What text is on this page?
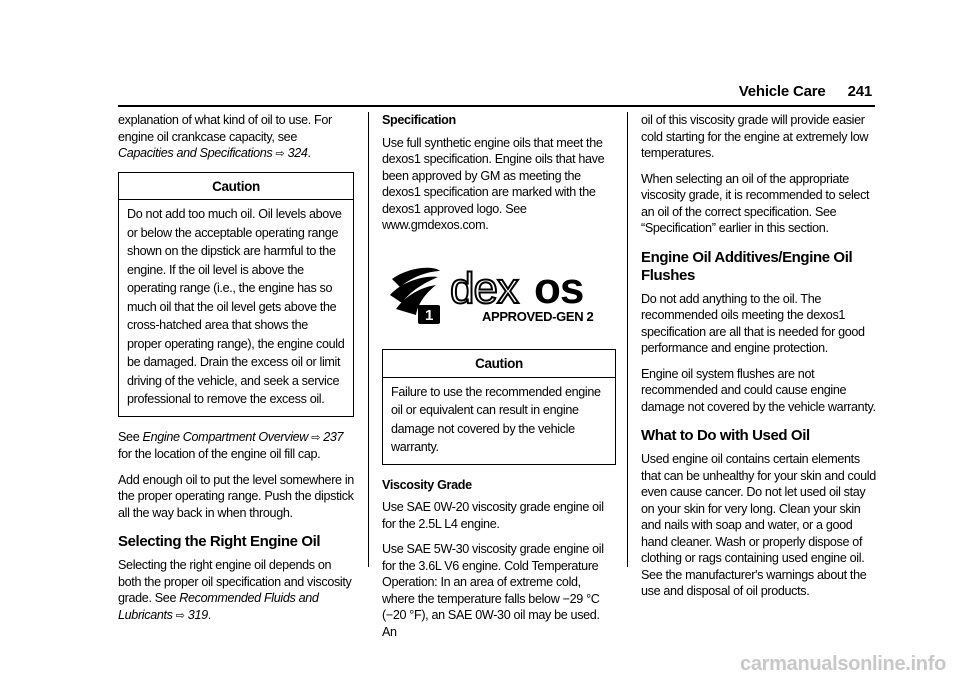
Vehicle Care 241

explanation of what kind of oil to use. For engine oil crankcase capacity, see Capacities and Specifications ⇨ 324.

Caution
Do not add too much oil. Oil levels above or below the acceptable operating range shown on the dipstick are harmful to the engine. If the oil level is above the operating range (i.e., the engine has so much oil that the oil level gets above the cross-hatched area that shows the proper operating range), the engine could be damaged. Drain the excess oil or limit driving of the vehicle, and seek a service professional to remove the excess oil.

See Engine Compartment Overview ⇨ 237 for the location of the engine oil fill cap.

Add enough oil to put the level somewhere in the proper operating range. Push the dipstick all the way back in when through.

Selecting the Right Engine Oil

Selecting the right engine oil depends on both the proper oil specification and viscosity grade. See Recommended Fluids and Lubricants ⇨ 319.

Specification

Use full synthetic engine oils that meet the dexos1 specification. Engine oils that have been approved by GM as meeting the dexos1 specification are marked with the dexos1 approved logo. See www.gmdexos.com.

1
dex os
APPROVED-GEN 2
Caution
Failure to use the recommended engine oil or equivalent can result in engine damage not covered by the vehicle warranty.

Viscosity Grade

Use SAE 0W-20 viscosity grade engine oil for the 2.5L L4 engine.

Use SAE 5W-30 viscosity grade engine oil for the 3.6L V6 engine. Cold Temperature Operation: In an area of extreme cold, where the temperature falls below −29 °C (−20 °F), an SAE 0W-30 oil may be used. An

oil of this viscosity grade will provide easier cold starting for the engine at extremely low temperatures.

When selecting an oil of the appropriate viscosity grade, it is recommended to select an oil of the correct specification. See “Specification” earlier in this section.

Engine Oil Additives/Engine Oil Flushes

Do not add anything to the oil. The recommended oils meeting the dexos1 specification are all that is needed for good performance and engine protection.

Engine oil system flushes are not recommended and could cause engine damage not covered by the vehicle warranty.

What to Do with Used Oil

Used engine oil contains certain elements that can be unhealthy for your skin and could even cause cancer. Do not let used oil stay on your skin for very long. Clean your skin and nails with soap and water, or a good hand cleaner. Wash or properly dispose of clothing or rags containing used engine oil. See the manufacturer's warnings about the use and disposal of oil products.

carmanualsonline.info
